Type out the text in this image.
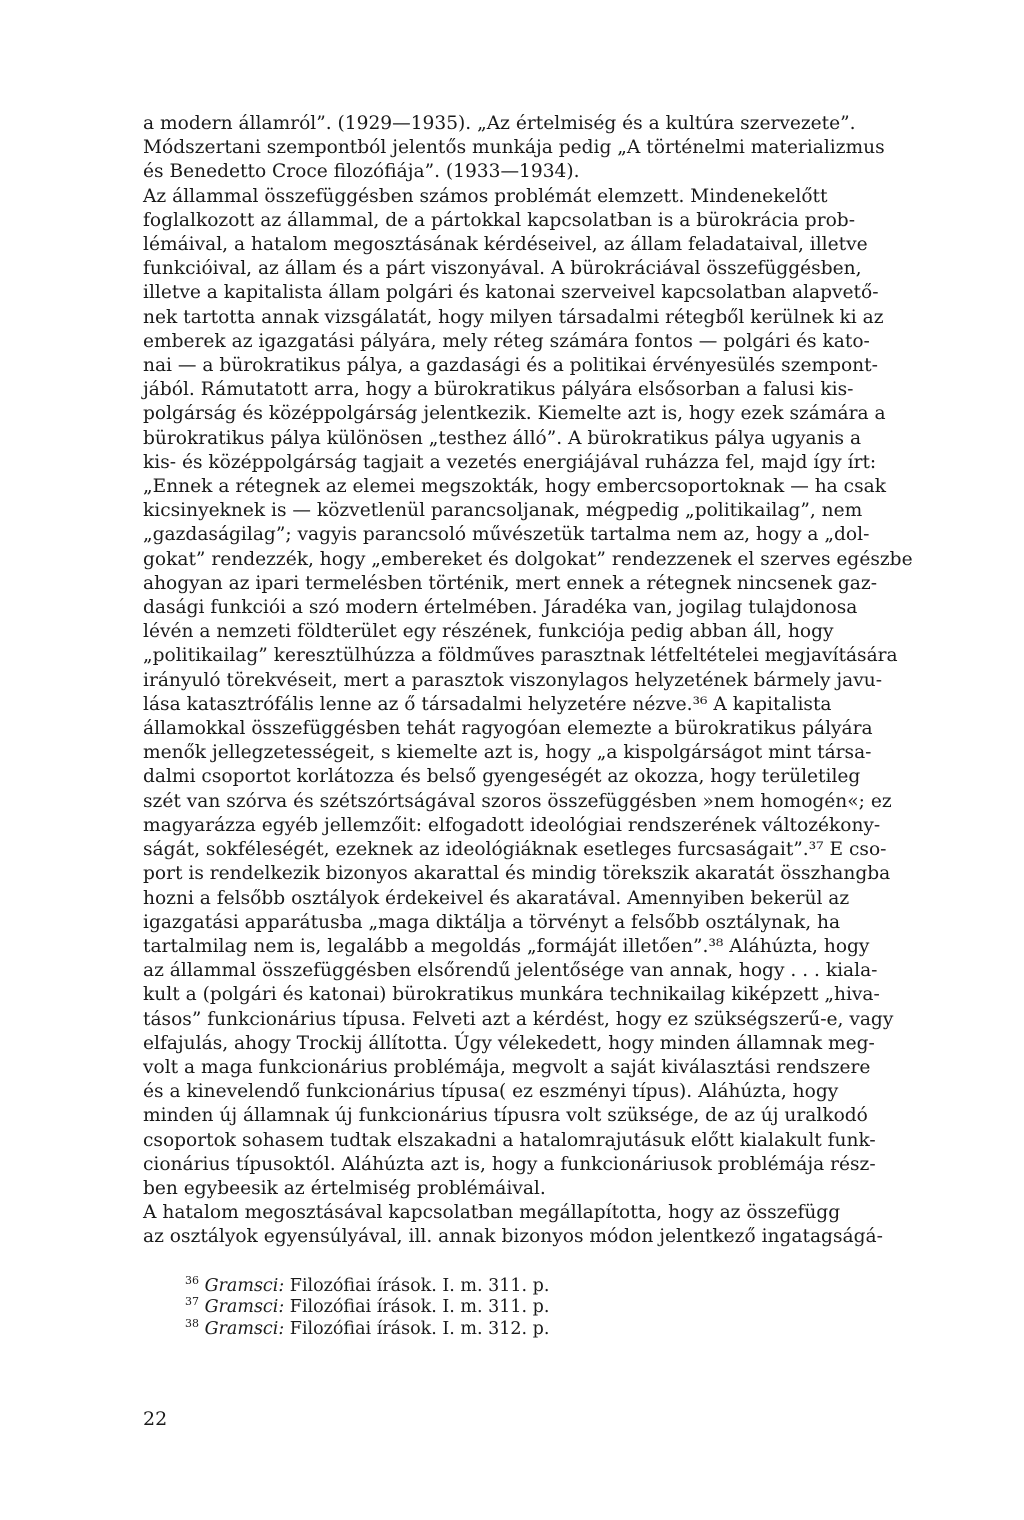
a modern államról”. (1929—1935). „Az értelmiség és a kultúra szervezete”.
Módszertani szempontból jelentős munkája pedig „A történelmi materializmus
és Benedetto Croce filozófiája”. (1933—1934).

Az állammal összefüggésben számos problémát elemzett. Mindenekelőtt
foglalkozott az állammal, de a pártokkal kapcsolatban is a bürokrácia prob-
lémáival, a hatalom megosztásának kérdéseivel, az állam feladataival, illetve
funkcióival, az állam és a párt viszonyával. A bürokráciával összefüggésben,
illetve a kapitalista állam polgári és katonai szerveivel kapcsolatban alapvető-
nek tartotta annak vizsgálatát, hogy milyen társadalmi rétegből kerülnek ki az
emberek az igazgatási pályára, mely réteg számára fontos — polgári és kato-
nai — a bürokratikus pálya, a gazdasági és a politikai érvényesülés szempont-
jából. Rámutatott arra, hogy a bürokratikus pályára elsősorban a falusi kis-
polgárság és középpolgárság jelentkezik. Kiemelte azt is, hogy ezek számára a
bürokratikus pálya különösen „testhez álló”. A bürokratikus pálya ugyanis a
kis- és középpolgárság tagjait a vezetés energiájával ruházza fel, majd így írt:
„Ennek a rétegnek az elemei megszokták, hogy embercsoportoknak — ha csak
kicsinyeknek is — közvetlenül parancsoljanak, mégpedig „politikailag”, nem
„gazdaságilag”; vagyis parancsoló művészetük tartalma nem az, hogy a „dol-
gokat” rendezzék, hogy „embereket és dolgokat” rendezzenek el szerves egészbe
ahogyan az ipari termelésben történik, mert ennek a rétegnek nincsenek gaz-
dasági funkciói a szó modern értelmében. Járadéka van, jogilag tulajdonosa
lévén a nemzeti földterület egy részének, funkciója pedig abban áll, hogy
„politikailag” keresztülhúzza a földműves parasztnak létfeltételei megjavítására
irányuló törekvéseit, mert a parasztok viszonylagos helyzetének bármely javu-
lása katasztrófális lenne az ő társadalmi helyzetére nézve.³⁶ A kapitalista
államokkal összefüggésben tehát ragyogóan elemezte a bürokratikus pályára
menők jellegzetességeit, s kiemelte azt is, hogy „a kispolgárságot mint társa-
dalmi csoportot korlátozza és belső gyengeségét az okozza, hogy területileg
szét van szórva és szétszórtságával szoros összefüggésben »nem homogén«; ez
magyarázza egyéb jellemzőit: elfogadott ideológiai rendszerének változékony-
ságát, sokféleségét, ezeknek az ideológiáknak esetleges furcsaságait”.³⁷ E cso-
port is rendelkezik bizonyos akarattal és mindig törekszik akaratát összhangba
hozni a felsőbb osztályok érdekeivel és akaratával. Amennyiben bekerül az
igazgatási apparátusba „maga diktálja a törvényt a felsőbb osztálynak, ha
tartalmilag nem is, legalább a megoldás „formáját illetően”.³⁸ Aláhúzta, hogy
az állammal összefüggésben elsőrendű jelentősége van annak, hogy . . . kiala-
kult a (polgári és katonai) bürokratikus munkára technikailag kiképzett „hiva-
tásos” funkcionárius típusa. Felveti azt a kérdést, hogy ez szükségszerű-e, vagy
elfajulás, ahogy Trockij állította. Úgy vélekedett, hogy minden államnak meg-
volt a maga funkcionárius problémája, megvolt a saját kiválasztási rendszere
és a kinevelendő funkcionárius típusa( ez eszményi típus). Aláhúzta, hogy
minden új államnak új funkcionárius típusra volt szüksége, de az új uralkodó
csoportok sohasem tudtak elszakadni a hatalomrajutásuk előtt kialakult funk-
cionárius típusoktól. Aláhúzta azt is, hogy a funkcionáriusok problémája rész-
ben egybeesik az értelmiség problémáival.

A hatalom megosztásával kapcsolatban megállapította, hogy az összefügg
az osztályok egyensúlyával, ill. annak bizonyos módon jelentkező ingatagságá-

$^{36}$ Gramsci: Filozófiai írások. I. m. 311. p.
$^{37}$ Gramsci: Filozófiai írások. I. m. 311. p.
$^{38}$ Gramsci: Filozófiai írások. I. m. 312. p.
22
